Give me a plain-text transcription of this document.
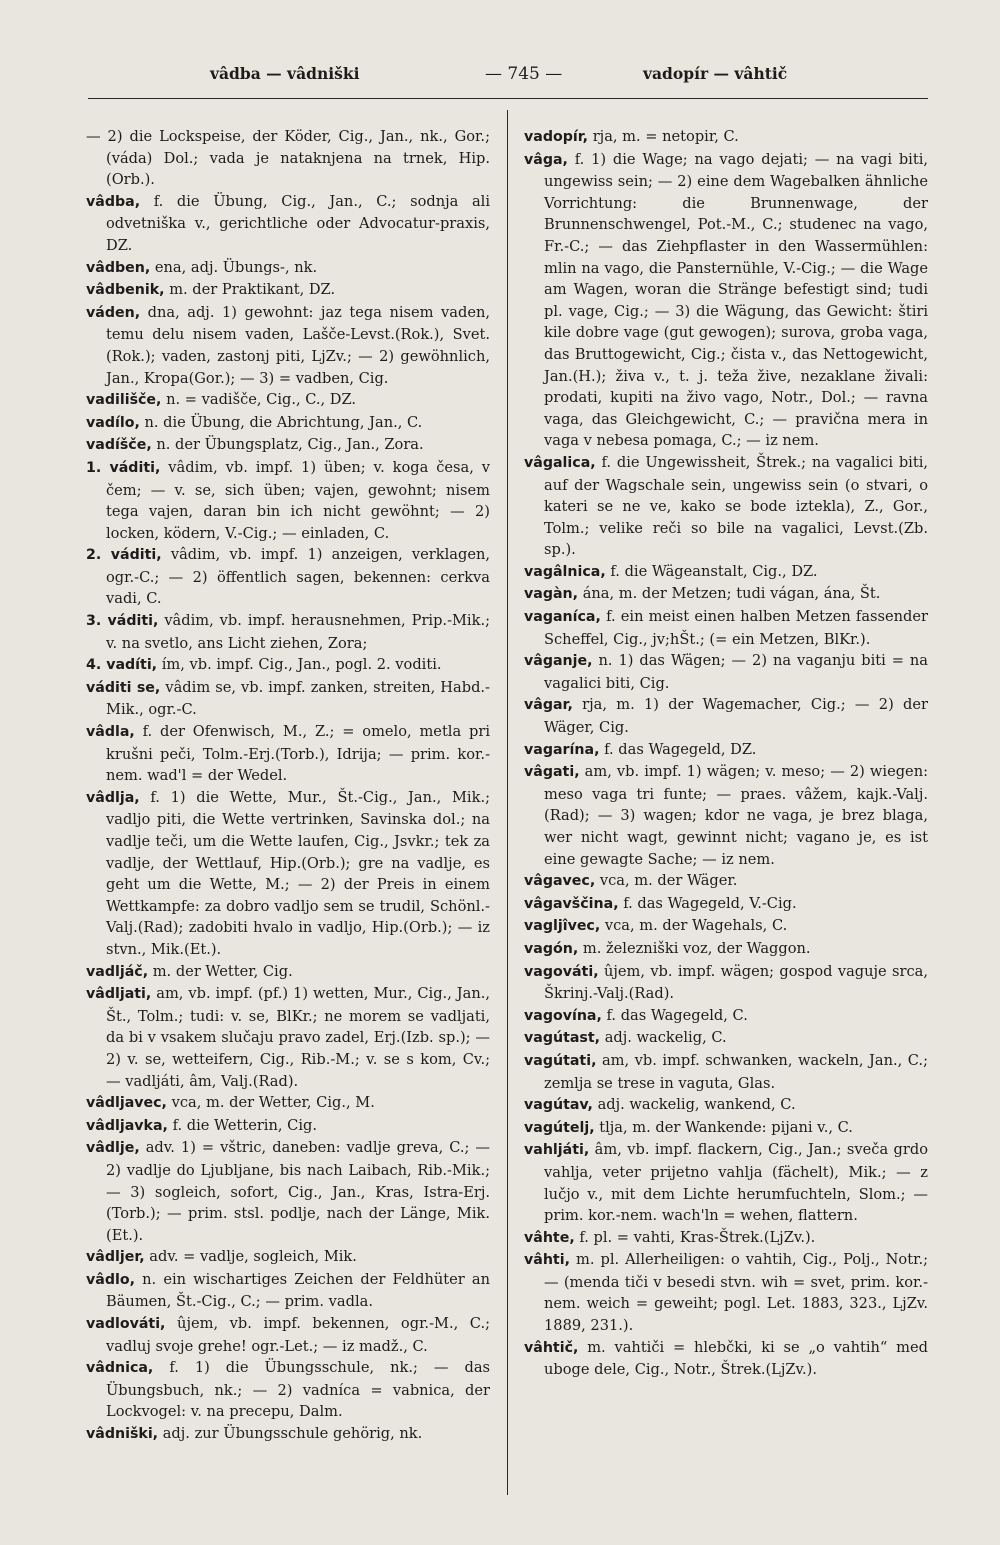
vâdba — vâdniški	— 745 —	vadopír — vâhtič

— 2) die Lockspeise, der Köder, Cig., Jan., nk., Gor.; (váda) Dol.; vada je nataknjena na trnek, Hip.(Orb.).

vâdba, f. die Übung, Cig., Jan., C.; sodnja ali odvetniška v., gerichtliche oder Advocatur-praxis, DZ.

vâdben, ena, adj. Übungs-, nk.

vâdbenik, m. der Praktikant, DZ.

váden, dna, adj. 1) gewohnt: jaz tega nisem vaden, temu delu nisem vaden, Lašče-Levst.(Rok.), Svet.(Rok.); vaden, zastonj piti, LjZv.; — 2) gewöhnlich, Jan., Kropa(Gor.); — 3) = vadben, Cig.

vadilišče, n. = vadišče, Cig., C., DZ.

vadílo, n. die Übung, die Abrichtung, Jan., C.

vadíšče, n. der Übungsplatz, Cig., Jan., Zora.

1. váditi, vâdim, vb. impf. 1) üben; v. koga česa, v čem; — v. se, sich üben; vajen, gewohnt; nisem tega vajen, daran bin ich nicht gewöhnt; — 2) locken, ködern, V.-Cig.; — einladen, C.

2. váditi, vâdim, vb. impf. 1) anzeigen, verklagen, ogr.-C.; — 2) öffentlich sagen, bekennen: cerkva vadi, C.

3. váditi, vâdim, vb. impf. herausnehmen, Prip.-Mik.; v. na svetlo, ans Licht ziehen, Zora;

4. vadíti, ím, vb. impf. Cig., Jan., pogl. 2. voditi.

váditi se, vâdim se, vb. impf. zanken, streiten, Habd.-Mik., ogr.-C.

vâdla, f. der Ofenwisch, M., Z.; = omelo, metla pri krušni peči, Tolm.-Erj.(Torb.), Idrija; — prim. kor.-nem. wad'l = der Wedel.

vâdlja, f. 1) die Wette, Mur., Št.-Cig., Jan., Mik.; vadljo piti, die Wette vertrinken, Savinska dol.; na vadlje teči, um die Wette laufen, Cig., Jsvkr.; tek za vadlje, der Wettlauf, Hip.(Orb.); gre na vadlje, es geht um die Wette, M.; — 2) der Preis in einem Wettkampfe: za dobro vadljo sem se trudil, Schönl.-Valj.(Rad); zadobiti hvalo in vadljo, Hip.(Orb.); — iz stvn., Mik.(Et.).

vadljáč, m. der Wetter, Cig.

vâdljati, am, vb. impf. (pf.) 1) wetten, Mur., Cig., Jan., Št., Tolm.; tudi: v. se, BlKr.; ne morem se vadljati, da bi v vsakem slučaju pravo zadel, Erj.(Izb. sp.); — 2) v. se, wetteifern, Cig., Rib.-M.; v. se s kom, Cv.; — vadljáti, âm, Valj.(Rad).

vâdljavec, vca, m. der Wetter, Cig., M.

vâdljavka, f. die Wetterin, Cig.

vâdlje, adv. 1) = vštric, daneben: vadlje greva, C.; — 2) vadlje do Ljubljane, bis nach Laibach, Rib.-Mik.; — 3) sogleich, sofort, Cig., Jan., Kras, Istra-Erj.(Torb.); — prim. stsl. podlje, nach der Länge, Mik.(Et.).

vâdljer, adv. = vadlje, sogleich, Mik.

vâdlo, n. ein wischartiges Zeichen der Feldhüter an Bäumen, Št.-Cig., C.; — prim. vadla.

vadlováti, ûjem, vb. impf. bekennen, ogr.-M., C.; vadluj svoje grehe! ogr.-Let.; — iz madž., C.

vâdnica, f. 1) die Übungsschule, nk.; — das Übungsbuch, nk.; — 2) vadníca = vabnica, der Lockvogel: v. na precepu, Dalm.

vâdniški, adj. zur Übungsschule gehörig, nk.

vadopír, rja, m. = netopir, C.

vâga, f. 1) die Wage; na vago dejati; — na vagi biti, ungewiss sein; — 2) eine dem Wagebalken ähnliche Vorrichtung: die Brunnenwage, der Brunnenschwengel, Pot.-M., C.; studenec na vago, Fr.-C.; — das Ziehpflaster in den Wassermühlen: mlin na vago, die Pansternühle, V.-Cig.; — die Wage am Wagen, woran die Stränge befestigt sind; tudi pl. vage, Cig.; — 3) die Wägung, das Gewicht: štiri kile dobre vage (gut gewogen); surova, groba vaga, das Bruttogewicht, Cig.; čista v., das Nettogewicht, Jan.(H.); živa v., t. j. teža žive, nezaklane živali: prodati, kupiti na živo vago, Notr., Dol.; — ravna vaga, das Gleichgewicht, C.; — pravična mera in vaga v nebesa pomaga, C.; — iz nem.

vâgalica, f. die Ungewissheit, Štrek.; na vagalici biti, auf der Wagschale sein, ungewiss sein (o stvari, o kateri se ne ve, kako se bode iztekla), Z., Gor., Tolm.; velike reči so bile na vagalici, Levst.(Zb. sp.).

vagâlnica, f. die Wägeanstalt, Cig., DZ.

vagàn, ána, m. der Metzen; tudi vágan, ána, Št.

vaganíca, f. ein meist einen halben Metzen fassender Scheffel, Cig., jv;hŠt.; (= ein Metzen, BlKr.).

vâganje, n. 1) das Wägen; — 2) na vaganju biti = na vagalici biti, Cig.

vâgar, rja, m. 1) der Wagemacher, Cig.; — 2) der Wäger, Cig.

vagarína, f. das Wagegeld, DZ.

vâgati, am, vb. impf. 1) wägen; v. meso; — 2) wiegen: meso vaga tri funte; — praes. vâžem, kajk.-Valj.(Rad); — 3) wagen; kdor ne vaga, je brez blaga, wer nicht wagt, gewinnt nicht; vagano je, es ist eine gewagte Sache; — iz nem.

vâgavec, vca, m. der Wäger.

vâgavščina, f. das Wagegeld, V.-Cig.

vagljîvec, vca, m. der Wagehals, C.

vagón, m. železniški voz, der Waggon.

vagováti, ûjem, vb. impf. wägen; gospod vaguje srca, Škrinj.-Valj.(Rad).

vagovína, f. das Wagegeld, C.

vagútast, adj. wackelig, C.

vagútati, am, vb. impf. schwanken, wackeln, Jan., C.; zemlja se trese in vaguta, Glas.

vagútav, adj. wackelig, wankend, C.

vagútelj, tlja, m. der Wankende: pijani v., C.

vahljáti, âm, vb. impf. flackern, Cig., Jan.; sveča grdo vahlja, veter prijetno vahlja (fächelt), Mik.; — z lučjo v., mit dem Lichte herumfuchteln, Slom.; — prim. kor.-nem. wach'ln = wehen, flattern.

vâhte, f. pl. = vahti, Kras-Štrek.(LjZv.).

vâhti, m. pl. Allerheiligen: o vahtih, Cig., Polj., Notr.; — (menda tiči v besedi stvn. wih = svet, prim. kor.-nem. weich = geweiht; pogl. Let. 1883, 323., LjZv. 1889, 231.).

vâhtič, m. vahtiči = hlebčki, ki se „o vahtih“ med uboge dele, Cig., Notr., Štrek.(LjZv.).
